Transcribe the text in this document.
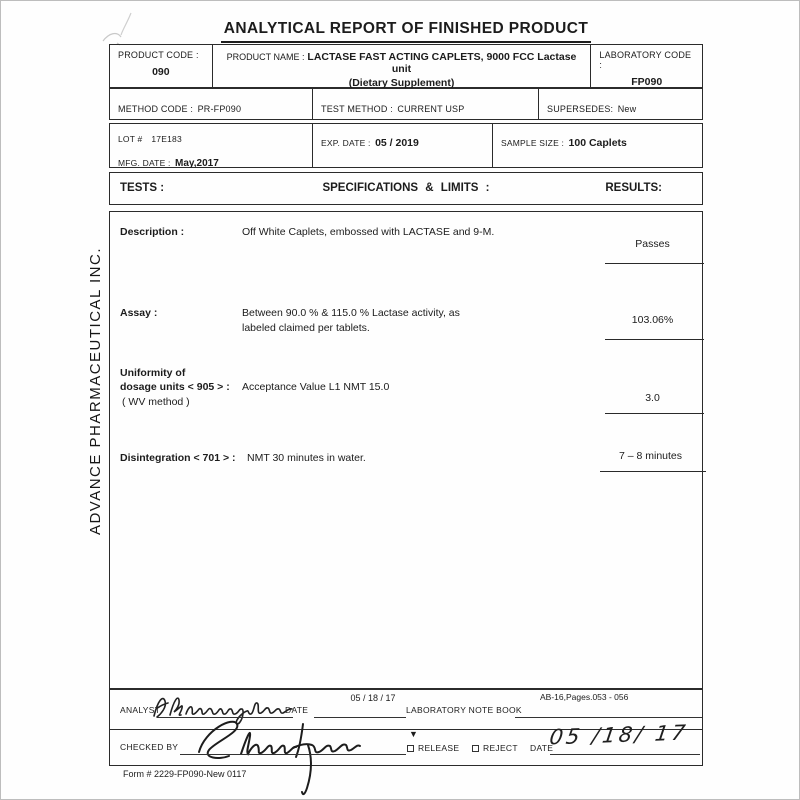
ANALYTICAL REPORT OF FINISHED PRODUCT
ADVANCE PHARMACEUTICAL INC.
PRODUCT CODE :
090
PRODUCT NAME : LACTASE FAST ACTING CAPLETS, 9000 FCC Lactase unit
(Dietary Supplement)
LABORATORY CODE :
FP090
METHOD CODE : PR-FP090	TEST METHOD : CURRENT USP	SUPERSEDES: New
LOT # 17E183
MFG. DATE : May,2017
EXP. DATE : 05 / 2019	SAMPLE SIZE : 100 Caplets
TESTS :	SPECIFICATIONS & LIMITS :	RESULTS:
Description :	Off White Caplets, embossed with LACTASE and 9-M.
Passes
Assay :	Between 90.0 % & 115.0 % Lactase activity, as
labeled claimed per tablets.
103.06%
Uniformity of
dosage units < 905 > :
( WV method )
Acceptance Value L1 NMT 15.0
3.0
Disintegration < 701 > : NMT 30 minutes in water.	7 – 8 minutes
ANALYST	DATE
05 / 18 / 17
LABORATORY NOTE BOOK
AB-16,Pages.053 - 056
CHECKED BY
▼
RELEASE	REJECT DATE
05 /18/ 17
Form # 2229-FP090-New 0117
